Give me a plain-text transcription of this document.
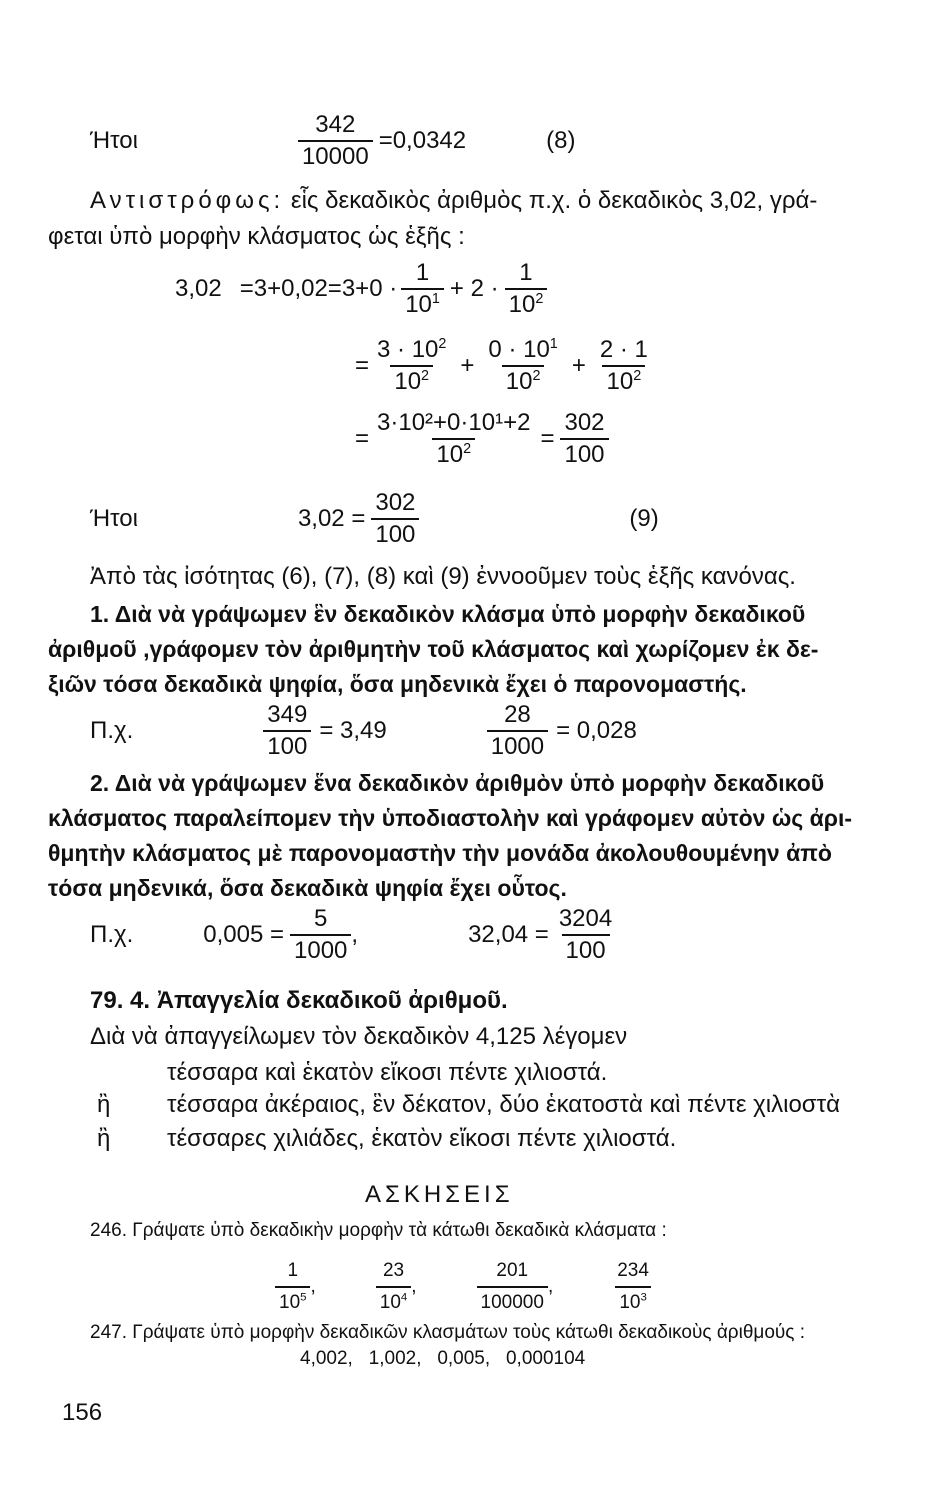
Ήτοι	$\frac{342}{10000} =0,0342$	(8)
Αντιστρόφως: εἷς δεκαδικὸς ἀριθμὸς π.χ. ὁ δεκαδικὸς 3,02, γρά-
φεται ὑπὸ μορφὴν κλάσματος ὡς ἑξῆς :
$3,02 =3+0,02=3+0 \cdot \frac{1}{10^1} + 2 \cdot \frac{1}{10^2}$
= $\frac{3 \cdot 10^2}{10^2} + \frac{0 \cdot 10^1}{10^2} + \frac{2 \cdot 1}{10^2}$
= $\frac{\text{3·10²+0·10¹+2}}{10^2} = \frac{302}{100}$
Ήτοι	$3,02 = \frac{302}{100}$	(9)
Ἀπὸ τὰς ἰσότητας (6), (7), (8) καὶ (9) ἐννοοῦμεν τοὺς ἑξῆς κανόνας.
1. Διὰ νὰ γράψωμεν ἓν δεκαδικὸν κλάσμα ὑπὸ μορφὴν δεκαδικοῦ
ἀριθμοῦ ,γράφομεν τὸν ἀριθμητὴν τοῦ κλάσματος καὶ χωρίζομεν ἐκ δε-
ξιῶν τόσα δεκαδικὰ ψηφία, ὅσα μηδενικὰ ἔχει ὁ παρονομαστής.
Π.χ.	$\frac{349}{100} = 3,49$	$\frac{28}{1000} = 0,028$
2. Διὰ νὰ γράψωμεν ἕνα δεκαδικὸν ἀριθμὸν ὑπὸ μορφὴν δεκαδικοῦ
κλάσματος παραλείπομεν τὴν ὑποδιαστολὴν καὶ γράφομεν αὐτὸν ὡς ἀρι-
θμητὴν κλάσματος μὲ παρονομαστὴν τὴν μονάδα ἀκολουθουμένην ἀπὸ
τόσα μηδενικά, ὅσα δεκαδικὰ ψηφία ἔχει οὗτος.
Π.χ.	$0,005 = \frac{5}{1000}$ ,	$32,04 = \frac{3204}{100}$
79. 4. Ἀπαγγελία δεκαδικοῦ ἀριθμοῦ.
Διὰ νὰ ἀπαγγείλωμεν τὸν δεκαδικὸν 4,125 λέγομεν
τέσσαρα καὶ ἑκατὸν εἴκοσι πέντε χιλιοστά.
ἢ τέσσαρα ἀκέραιος, ἓν δέκατον, δύο ἑκατοστὰ καὶ πέντε χιλιοστὰ
ἢ τέσσαρες χιλιάδες, ἑκατὸν εἴκοσι πέντε χιλιοστά.
ΑΣΚΗΣΕΙΣ
246. Γράψατε ὑπὸ δεκαδικὴν μορφὴν τὰ κάτωθι δεκαδικὰ κλάσματα :
$\frac{1}{10^5}$ ,	$\frac{23}{10^4}$ ,	$\frac{201}{100000}$ ,	$\frac{234}{10^3}$
247. Γράψατε ὑπὸ μορφὴν δεκαδικῶν κλασμάτων τοὺς κάτωθι δεκαδικοὺς ἀριθμούς :
4,002,   1,002,   0,005,   0,000104
156
